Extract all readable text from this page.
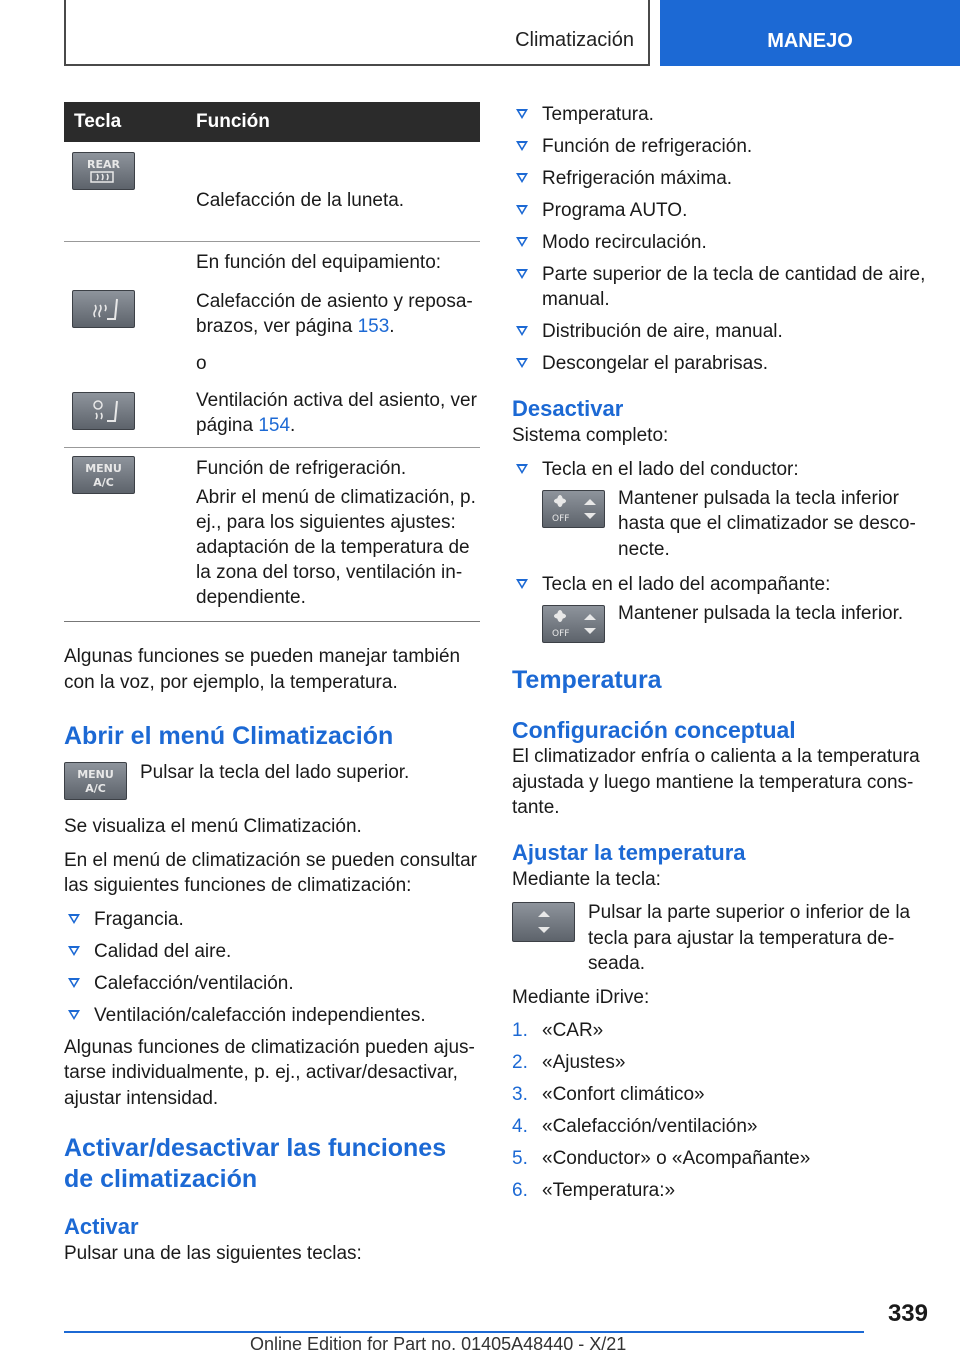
Climatización	MANEJO
Tecla	Función
REAR

Calefacción de la luneta.

En función del equipamiento:

Calefacción de asiento y reposabrazos, ver página 153.

o

Ventilación activa del asiento, ver página 154.

MENU
A/C

Función de refrigeración.

Abrir el menú de climatización, p. ej., para los siguientes ajustes: adaptación de la temperatura de la zona del torso, ventilación independiente.

Algunas funciones se pueden manejar también con la voz, por ejemplo, la temperatura.

Abrir el menú Climatización
MENU
A/C

Pulsar la tecla del lado superior.

Se visualiza el menú Climatización.

En el menú de climatización se pueden consultar las siguientes funciones de climatización:

Fragancia.
Calidad del aire.
Calefacción/ventilación.
Ventilación/calefacción independientes.

Algunas funciones de climatización pueden ajustarse individualmente, p. ej., activar/desactivar, ajustar intensidad.

Activar/desactivar las funciones de climatización
Activar

Pulsar una de las siguientes teclas:

Temperatura.
Función de refrigeración.
Refrigeración máxima.
Programa AUTO.
Modo recirculación.
Parte superior de la tecla de cantidad de aire, manual.
Distribución de aire, manual.
Descongelar el parabrisas.
Desactivar

Sistema completo:

Tecla en el lado del conductor:
OFF

Mantener pulsada la tecla inferior hasta que el climatizador se desconecte.

Tecla en el lado del acompañante:
OFF

Mantener pulsada la tecla inferior.

Temperatura
Configuración conceptual

El climatizador enfría o calienta a la temperatura ajustada y luego mantiene la temperatura constante.

Ajustar la temperatura

Mediante la tecla:

Pulsar la parte superior o inferior de la tecla para ajustar la temperatura deseada.

Mediante iDrive:

1. «CAR»
2. «Ajustes»
3. «Confort climático»
4. «Calefacción/ventilación»
5. «Conductor» o «Acompañante»
6. «Temperatura:»
339
Online Edition for Part no. 01405A48440 - X/21
